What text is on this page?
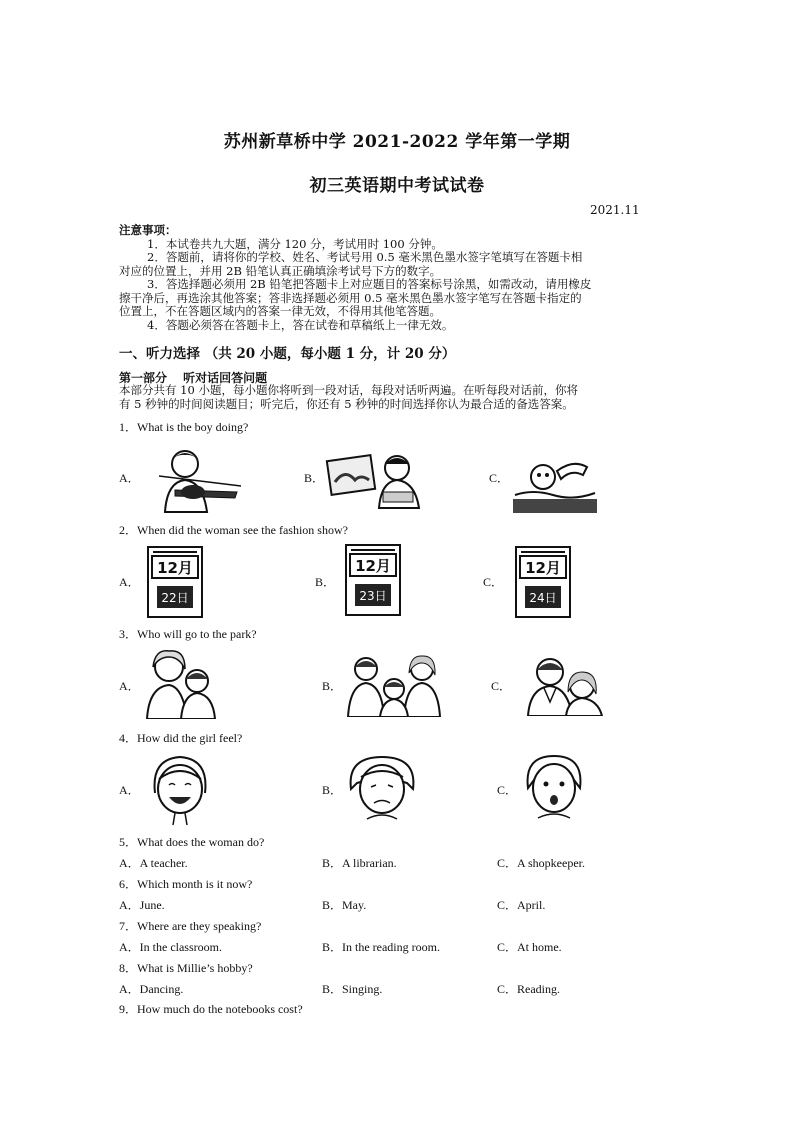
苏州新草桥中学 2021-2022 学年第一学期
初三英语期中考试试卷
2021.11
注意事项：
1．本试卷共九大题，满分 120 分，考试用时 100 分钟。
2．答题前，请将你的学校、姓名、考试号用 0.5 毫米黑色墨水签字笔填写在答题卡相
对应的位置上，并用 2B 铅笔认真正确填涂考试号下方的数字。
3．答选择题必须用 2B 铅笔把答题卡上对应题目的答案标号涂黑，如需改动，请用橡皮
擦干净后，再选涂其他答案；答非选择题必须用 0.5 毫米黑色墨水签字笔写在答题卡指定的
位置上，不在答题区域内的答案一律无效，不得用其他笔答题。
4．答题必须答在答题卡上，答在试卷和草稿纸上一律无效。
一、听力选择 （共 20 小题，每小题 1 分，计 20 分）
第一部分　 听对话回答问题
本部分共有 10 小题，每小题你将听到一段对话，每段对话听两遍。在听每段对话前，你将
有 5 秒钟的时间阅读题目；听完后，你还有 5 秒钟的时间选择你认为最合适的备选答案。
1．What is the boy doing?
A．	B．	C．
2．When did the woman see the fashion show?
A．	B．	C．
12月
22日
12月
23日
12月
24日
3．Who will go to the park?
A．	B．	C．
4．How did the girl feel?
A．	B．	C．
5．What does the woman do?
A．A teacher.	B．A librarian.	C．A shopkeeper.
6．Which month is it now?
A．June.	B．May.	C．April.
7．Where are they speaking?
A．In the classroom.	B．In the reading room.	C．At home.
8．What is Millie’s hobby?
A．Dancing.	B．Singing.	C．Reading.
9．How much do the notebooks cost?
